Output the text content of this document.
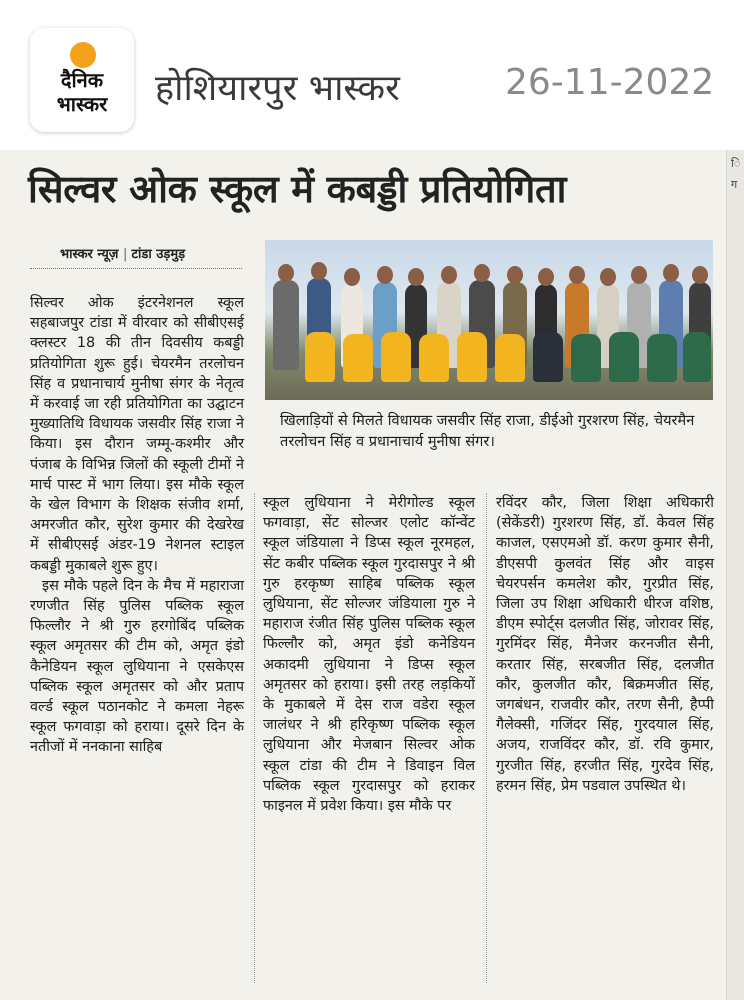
दैनिक
भास्कर	होशियारपुर भास्कर	26-11-2022
ि
ग
सिल्वर ओक स्कूल में कबड्डी प्रतियोगिता
भास्कर न्यूज़ | टांडा उड़मुड़
खिलाड़ियों से मिलते विधायक जसवीर सिंह राजा, डीईओ गुरशरण सिंह, चेयरमैन तरलोचन सिंह व प्रधानाचार्य मुनीषा संगर।

सिल्वर ओक इंटरनेशनल स्कूल सहबाजपुर टांडा में वीरवार को सीबीएसई क्लस्टर 18 की तीन दिवसीय कबड्डी प्रतियोगिता शुरू हुई। चेयरमैन तरलोचन सिंह व प्रधानाचार्य मुनीषा संगर के नेतृत्व में करवाई जा रही प्रतियोगिता का उद्घाटन मुख्यातिथि विधायक जसवीर सिंह राजा ने किया। इस दौरान जम्मू-कश्मीर और पंजाब के विभिन्न जिलों की स्कूली टीमों ने मार्च पास्ट में भाग लिया। इस मौके स्कूल के खेल विभाग के शिक्षक संजीव शर्मा, अमरजीत कौर, सुरेश कुमार की देखरेख में सीबीएसई अंडर-19 नेशनल स्टाइल कबड्डी मुकाबले शुरू हुए।

इस मौके पहले दिन के मैच में महाराजा रणजीत सिंह पुलिस पब्लिक स्कूल फिल्लौर ने श्री गुरु हरगोबिंद पब्लिक स्कूल अमृतसर की टीम को, अमृत इंडो कैनेडियन स्कूल लुधियाना ने एसकेएस पब्लिक स्कूल अमृतसर को और प्रताप वर्ल्ड स्कूल पठानकोट ने कमला नेहरू स्कूल फगवाड़ा को हराया। दूसरे दिन के नतीजों में ननकाना साहिब

स्कूल लुधियाना ने मेरीगोल्ड स्कूल फगवाड़ा, सेंट सोल्जर एलोट कॉन्वेंट स्कूल जंडियाला ने डिप्स स्कूल नूरमहल, सेंट कबीर पब्लिक स्कूल गुरदासपुर ने श्री गुरु हरकृष्ण साहिब पब्लिक स्कूल लुधियाना, सेंट सोल्जर जंडियाला गुरु ने महाराज रंजीत सिंह पुलिस पब्लिक स्कूल फिल्लौर को, अमृत इंडो कनेडियन अकादमी लुधियाना ने डिप्स स्कूल अमृतसर को हराया। इसी तरह लड़कियों के मुकाबले में देस राज वडेरा स्कूल जालंधर ने श्री हरिकृष्ण पब्लिक स्कूल लुधियाना और मेजबान सिल्वर ओक स्कूल टांडा की टीम ने डिवाइन विल पब्लिक स्कूल गुरदासपुर को हराकर फाइनल में प्रवेश किया। इस मौके पर

रविंदर कौर, जिला शिक्षा अधिकारी (सेकेंडरी) गुरशरण सिंह, डॉ. केवल सिंह काजल, एसएमओ डॉ. करण कुमार सैनी, डीएसपी कुलवंत सिंह और वाइस चेयरपर्सन कमलेश कौर, गुरप्रीत सिंह, जिला उप शिक्षा अधिकारी धीरज वशिष्ठ, डीएम स्पोर्ट्स दलजीत सिंह, जोरावर सिंह, गुरमिंदर सिंह, मैनेजर करनजीत सैनी, करतार सिंह, सरबजीत सिंह, दलजीत कौर, कुलजीत कौर, बिक्रमजीत सिंह, जगबंधन, राजवीर कौर, तरण सैनी, हैप्पी गैलेक्सी, गजिंदर सिंह, गुरदयाल सिंह, अजय, राजविंदर कौर, डॉ. रवि कुमार, गुरजीत सिंह, हरजीत सिंह, गुरदेव सिंह, हरमन सिंह, प्रेम पडवाल उपस्थित थे।
